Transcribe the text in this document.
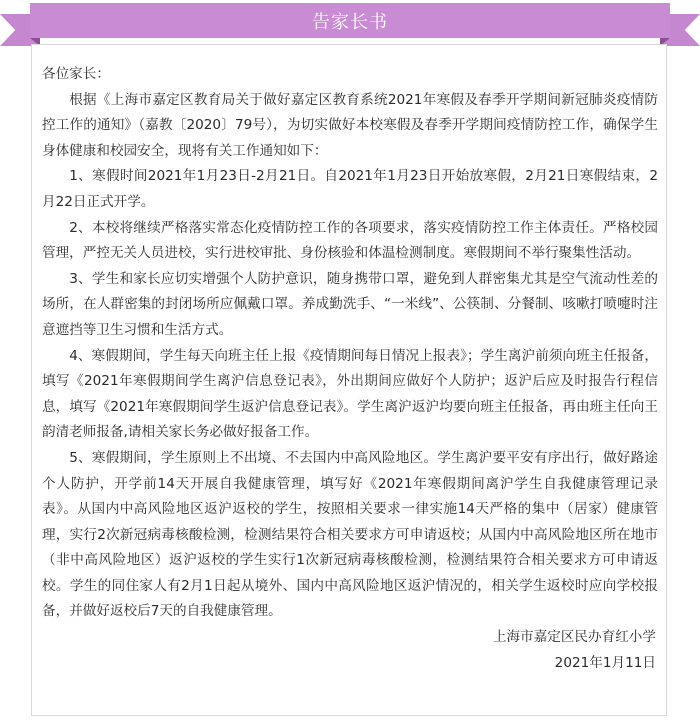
告家长书

各位家长：

根据《上海市嘉定区教育局关于做好嘉定区教育系统2021年寒假及春季开学期间新冠肺炎疫情防控工作的通知》（嘉教〔2020〕79号），为切实做好本校寒假及春季开学期间疫情防控工作，确保学生身体健康和校园安全，现将有关工作通知如下：

1、寒假时间2021年1月23日-2月21日。自2021年1月23日开始放寒假，2月21日寒假结束，2月22日正式开学。

2、本校将继续严格落实常态化疫情防控工作的各项要求，落实疫情防控工作主体责任。严格校园管理，严控无关人员进校，实行进校审批、身份核验和体温检测制度。寒假期间不举行聚集性活动。

3、学生和家长应切实增强个人防护意识，随身携带口罩，避免到人群密集尤其是空气流动性差的场所，在人群密集的封闭场所应佩戴口罩。养成勤洗手、“一米线”、公筷制、分餐制、咳嗽打喷嚏时注意遮挡等卫生习惯和生活方式。

4、寒假期间，学生每天向班主任上报《疫情期间每日情况上报表》；学生离沪前须向班主任报备，填写《2021年寒假期间学生离沪信息登记表》，外出期间应做好个人防护；返沪后应及时报告行程信息，填写《2021年寒假期间学生返沪信息登记表》。学生离沪返沪均要向班主任报备，再由班主任向王韵清老师报备,请相关家长务必做好报备工作。

5、寒假期间，学生原则上不出境、不去国内中高风险地区。学生离沪要平安有序出行，做好路途个人防护，开学前14天开展自我健康管理，填写好《2021年寒假期间离沪学生自我健康管理记录表》。从国内中高风险地区返沪返校的学生，按照相关要求一律实施14天严格的集中（居家）健康管理，实行2次新冠病毒核酸检测，检测结果符合相关要求方可申请返校；从国内中高风险地区所在地市（非中高风险地区）返沪返校的学生实行1次新冠病毒核酸检测，检测结果符合相关要求方可申请返校。学生的同住家人有2月1日起从境外、国内中高风险地区返沪情况的，相关学生返校时应向学校报备，并做好返校后7天的自我健康管理。

上海市嘉定区民办育红小学

2021年1月11日
